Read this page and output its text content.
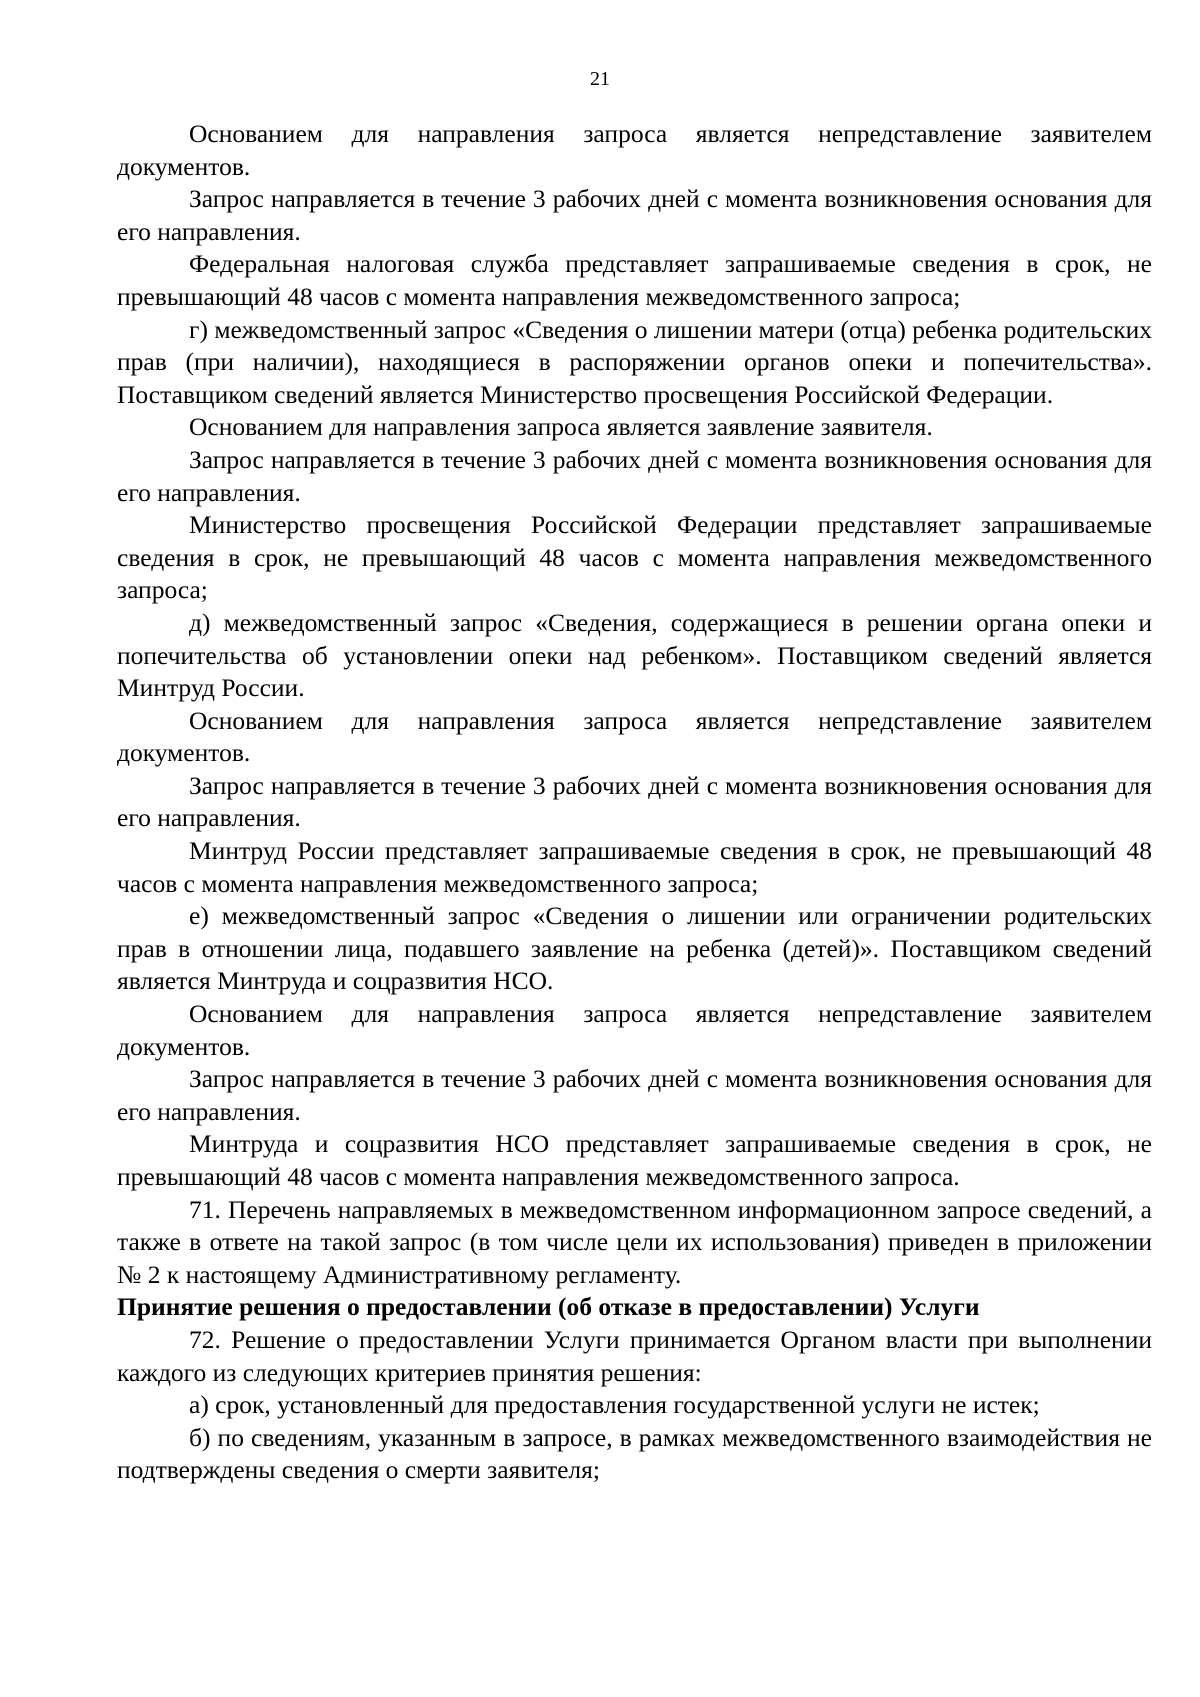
21

Основанием для направления запроса является непредставление заявителем документов.

Запрос направляется в течение 3 рабочих дней с момента возникновения основания для его направления.

Федеральная налоговая служба представляет запрашиваемые сведения в срок, не превышающий 48 часов с момента направления межведомственного запроса;

г) межведомственный запрос «Сведения о лишении матери (отца) ребенка родительских прав (при наличии), находящиеся в распоряжении органов опеки и попечительства». Поставщиком сведений является Министерство просвещения Российской Федерации.

Основанием для направления запроса является заявление заявителя.

Запрос направляется в течение 3 рабочих дней с момента возникновения основания для его направления.

Министерство просвещения Российской Федерации представляет запрашиваемые сведения в срок, не превышающий 48 часов с момента направления межведомственного запроса;

д) межведомственный запрос «Сведения, содержащиеся в решении органа опеки и попечительства об установлении опеки над ребенком». Поставщиком сведений является Минтруд России.

Основанием для направления запроса является непредставление заявителем документов.

Запрос направляется в течение 3 рабочих дней с момента возникновения основания для его направления.

Минтруд России представляет запрашиваемые сведения в срок, не превышающий 48 часов с момента направления межведомственного запроса;

е) межведомственный запрос «Сведения о лишении или ограничении родительских прав в отношении лица, подавшего заявление на ребенка (детей)». Поставщиком сведений является Минтруда и соцразвития НСО.

Основанием для направления запроса является непредставление заявителем документов.

Запрос направляется в течение 3 рабочих дней с момента возникновения основания для его направления.

Минтруда и соцразвития НСО представляет запрашиваемые сведения в срок, не превышающий 48 часов с момента направления межведомственного запроса.

71. Перечень направляемых в межведомственном информационном запросе сведений, а также в ответе на такой запрос (в том числе цели их использования) приведен в приложении № 2 к настоящему Административному регламенту.

Принятие решения о предоставлении (об отказе в предоставлении) Услуги

72. Решение о предоставлении Услуги принимается Органом власти при выполнении каждого из следующих критериев принятия решения:

а) срок, установленный для предоставления государственной услуги не истек;

б) по сведениям, указанным в запросе, в рамках межведомственного взаимодействия не подтверждены сведения о смерти заявителя;
